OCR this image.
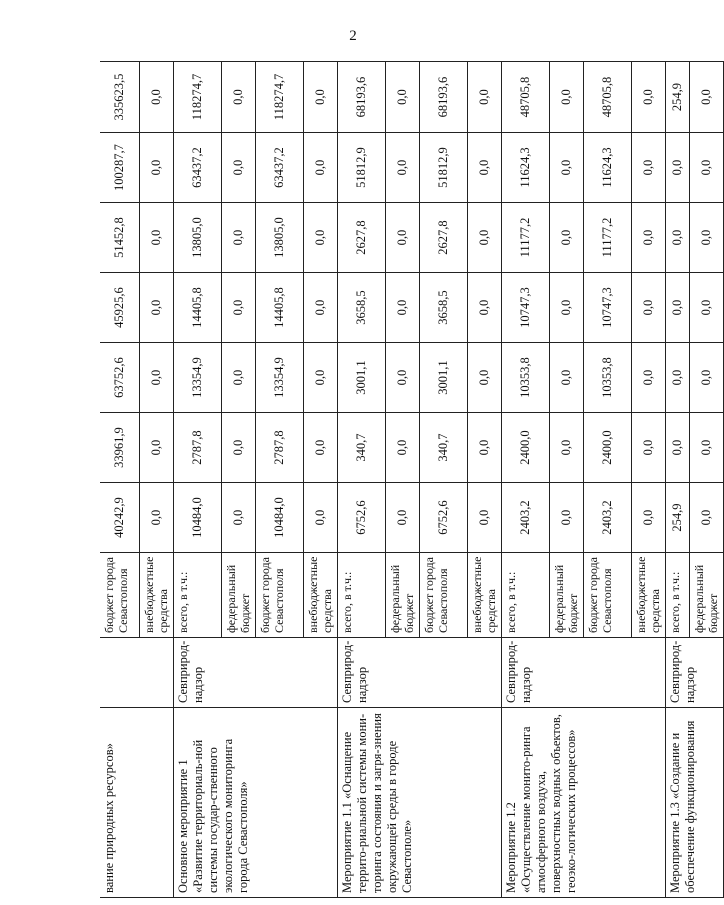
2
вание природных ресурсов»		бюджет города Севастополя	40242,9	33961,9	63752,6	45925,6	51452,8	100287,7	335623,5
		внебюджетные средства	0,0	0,0	0,0	0,0	0,0	0,0	0,0
Основное мероприятие 1 «Развитие территориаль-ной системы государ-ственного экологического мониторинга города Севастополя»	Севприрод-надзор	всего, в т.ч.:	10484,0	2787,8	13354,9	14405,8	13805,0	63437,2	118274,7
		федеральный бюджет	0,0	0,0	0,0	0,0	0,0	0,0	0,0
		бюджет города Севастополя	10484,0	2787,8	13354,9	14405,8	13805,0	63437,2	118274,7
		внебюджетные средства	0,0	0,0	0,0	0,0	0,0	0,0	0,0
Мероприятие 1.1 «Оснащение террито-риальной системы мони-торинга состояния и загря-знения окружающей среды в городе Севастополе»	Севприрод-надзор	всего, в т.ч.:	6752,6	340,7	3001,1	3658,5	2627,8	51812,9	68193,6
		федеральный бюджет	0,0	0,0	0,0	0,0	0,0	0,0	0,0
		бюджет города Севастополя	6752,6	340,7	3001,1	3658,5	2627,8	51812,9	68193,6
		внебюджетные средства	0,0	0,0	0,0	0,0	0,0	0,0	0,0
Мероприятие 1.2 «Осуществление монито-ринга атмосферного воздуха, поверхностных водных объектов, геоэко-логических процессов»	Севприрод-надзор	всего, в т.ч.:	2403,2	2400,0	10353,8	10747,3	11177,2	11624,3	48705,8
		федеральный бюджет	0,0	0,0	0,0	0,0	0,0	0,0	0,0
		бюджет города Севастополя	2403,2	2400,0	10353,8	10747,3	11177,2	11624,3	48705,8
		внебюджетные средства	0,0	0,0	0,0	0,0	0,0	0,0	0,0
Мероприятие 1.3 «Создание и обеспечение функционирования	Севприрод-надзор	всего, в т.ч.:	254,9	0,0	0,0	0,0	0,0	0,0	254,9
		федеральный бюджет	0,0	0,0	0,0	0,0	0,0	0,0	0,0
